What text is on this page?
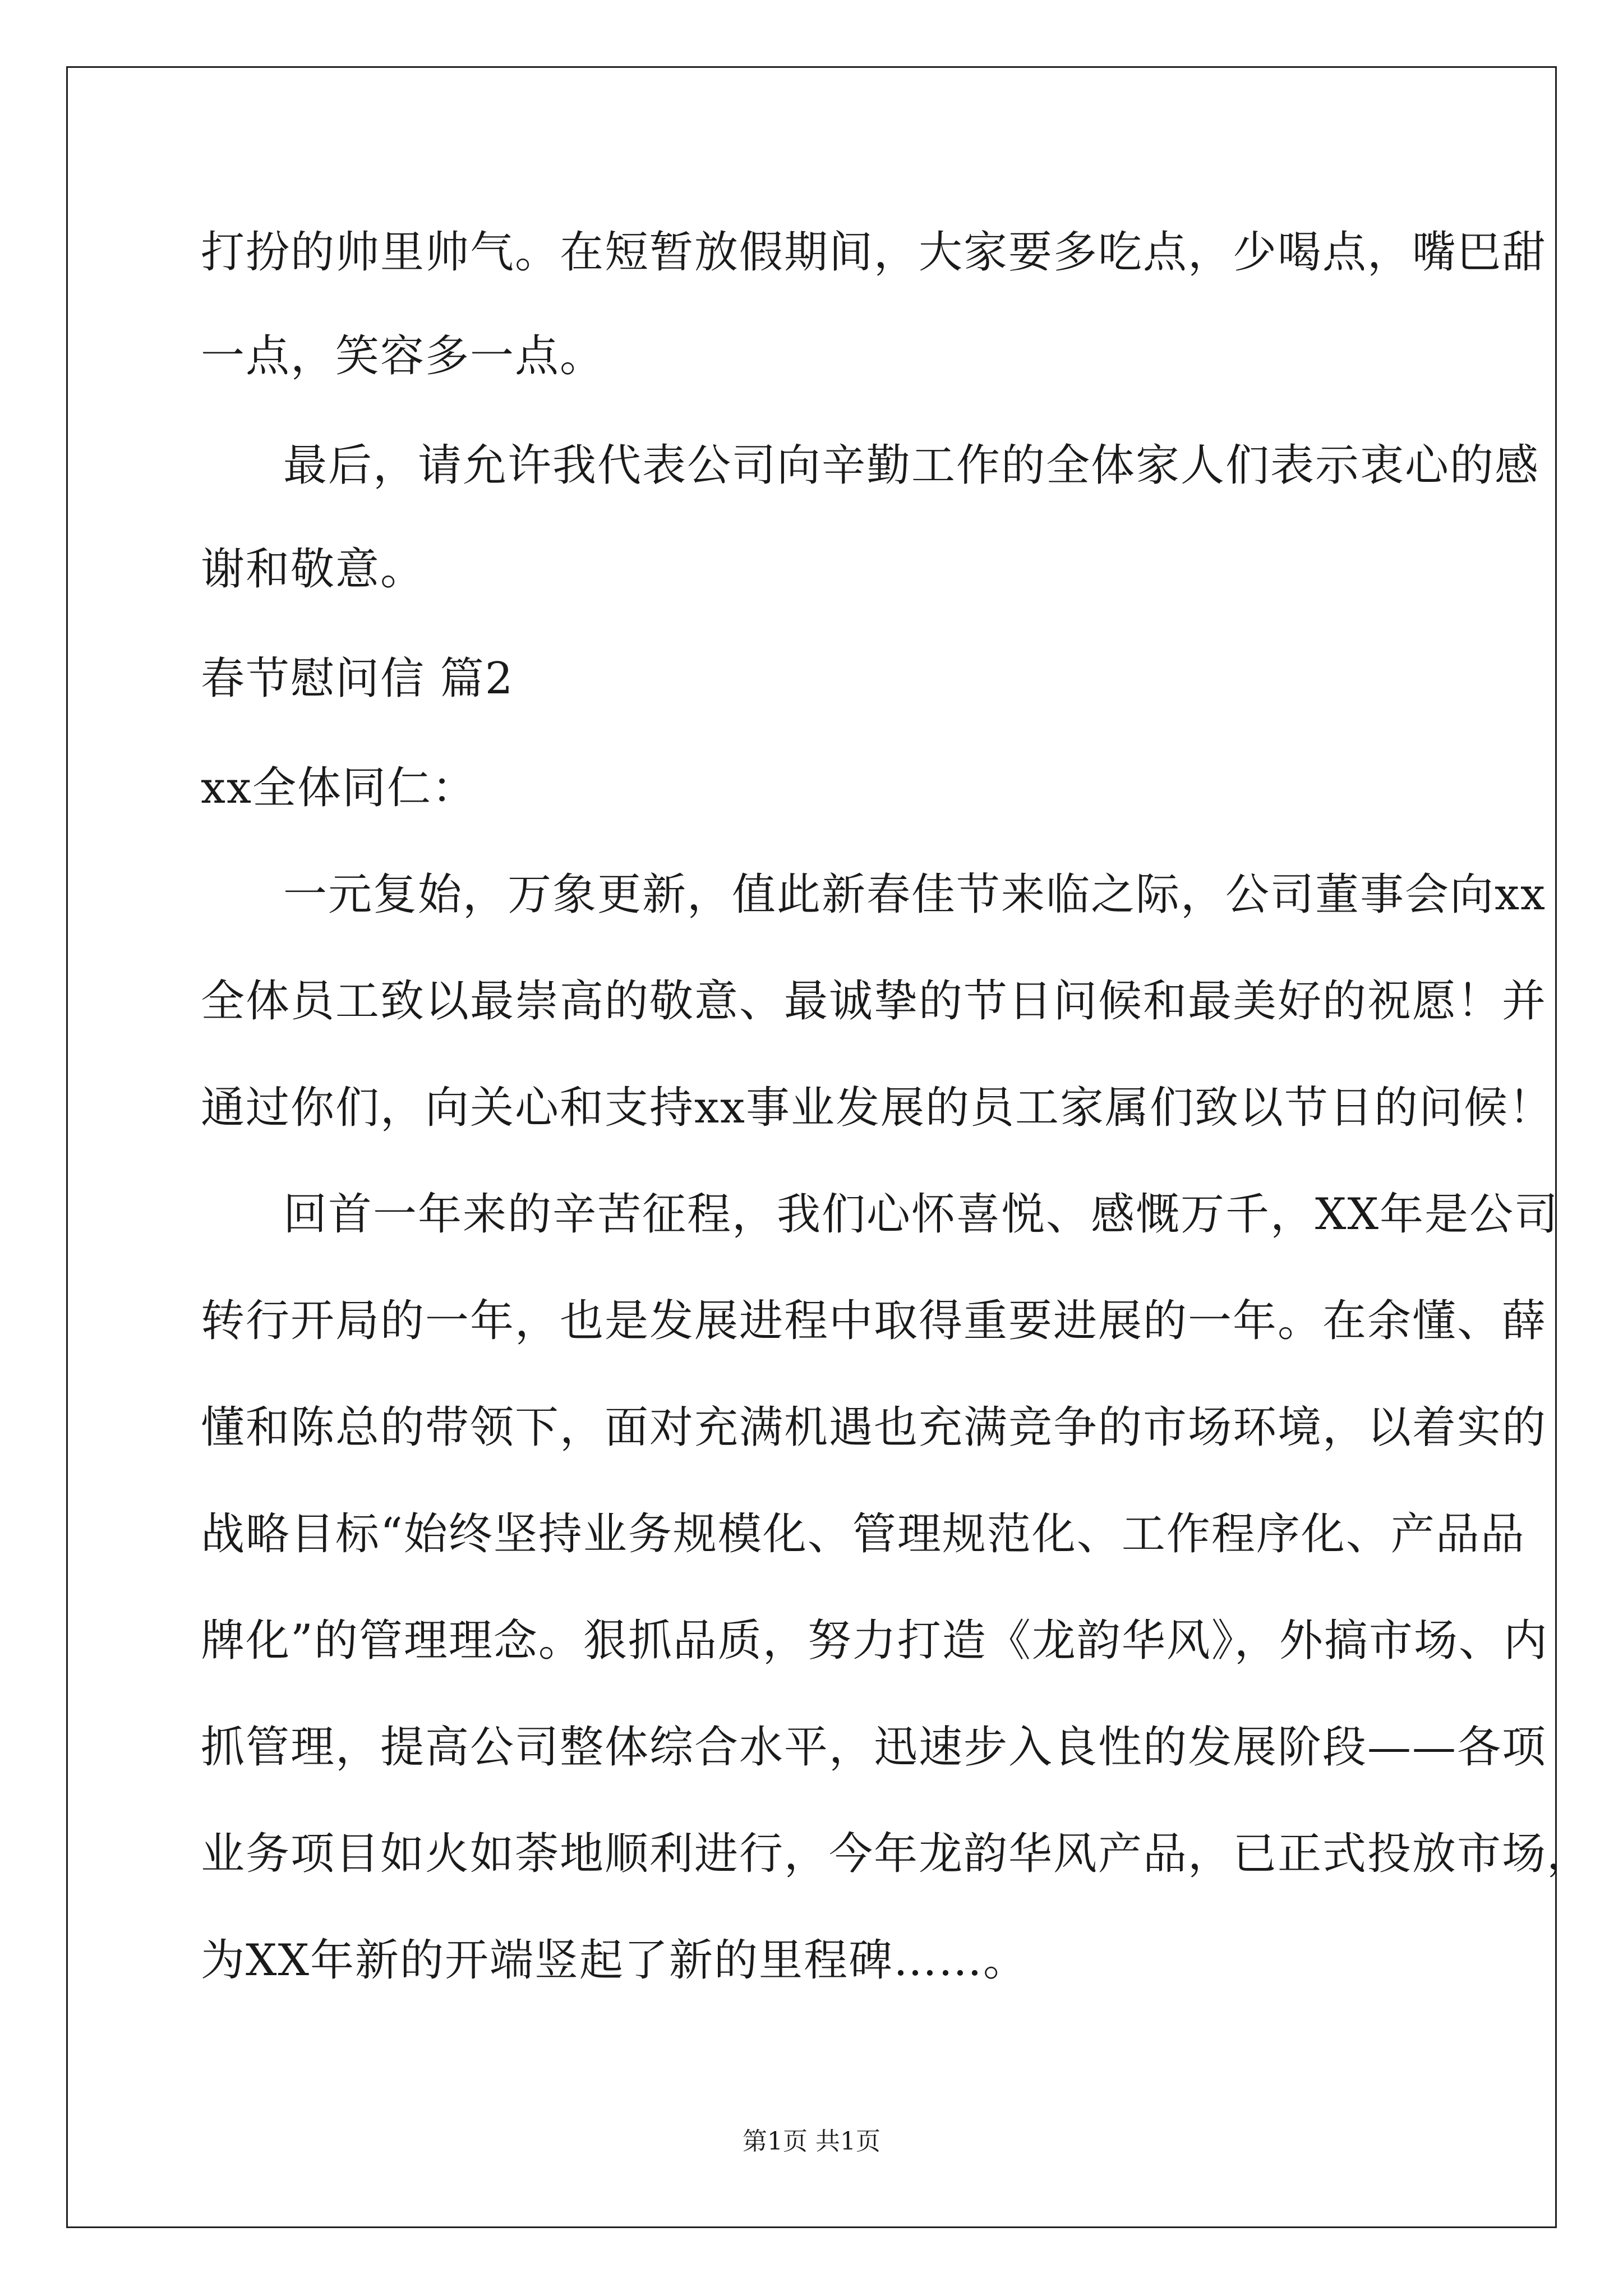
打扮的帅里帅气。在短暂放假期间，大家要多吃点，少喝点，嘴巴甜
一点，笑容多一点。
最后，请允许我代表公司向辛勤工作的全体家人们表示衷心的感
谢和敬意。
春节慰问信 篇2
xx全体同仁：
一元复始，万象更新，值此新春佳节来临之际，公司董事会向xx
全体员工致以最崇高的敬意、最诚挚的节日问候和最美好的祝愿！并
通过你们，向关心和支持xx事业发展的员工家属们致以节日的问候！
回首一年来的辛苦征程，我们心怀喜悦、感慨万千，XX年是公司
转行开局的一年，也是发展进程中取得重要进展的一年。在余懂、薛
懂和陈总的带领下，面对充满机遇也充满竞争的市场环境，以着实的
战略目标“始终坚持业务规模化、管理规范化、工作程序化、产品品
牌化”的管理理念。狠抓品质，努力打造《龙韵华风》，外搞市场、内
抓管理，提高公司整体综合水平，迅速步入良性的发展阶段——各项
业务项目如火如荼地顺利进行，今年龙韵华风产品，已正式投放市场，
为XX年新的开端竖起了新的里程碑……。
第1页 共1页
